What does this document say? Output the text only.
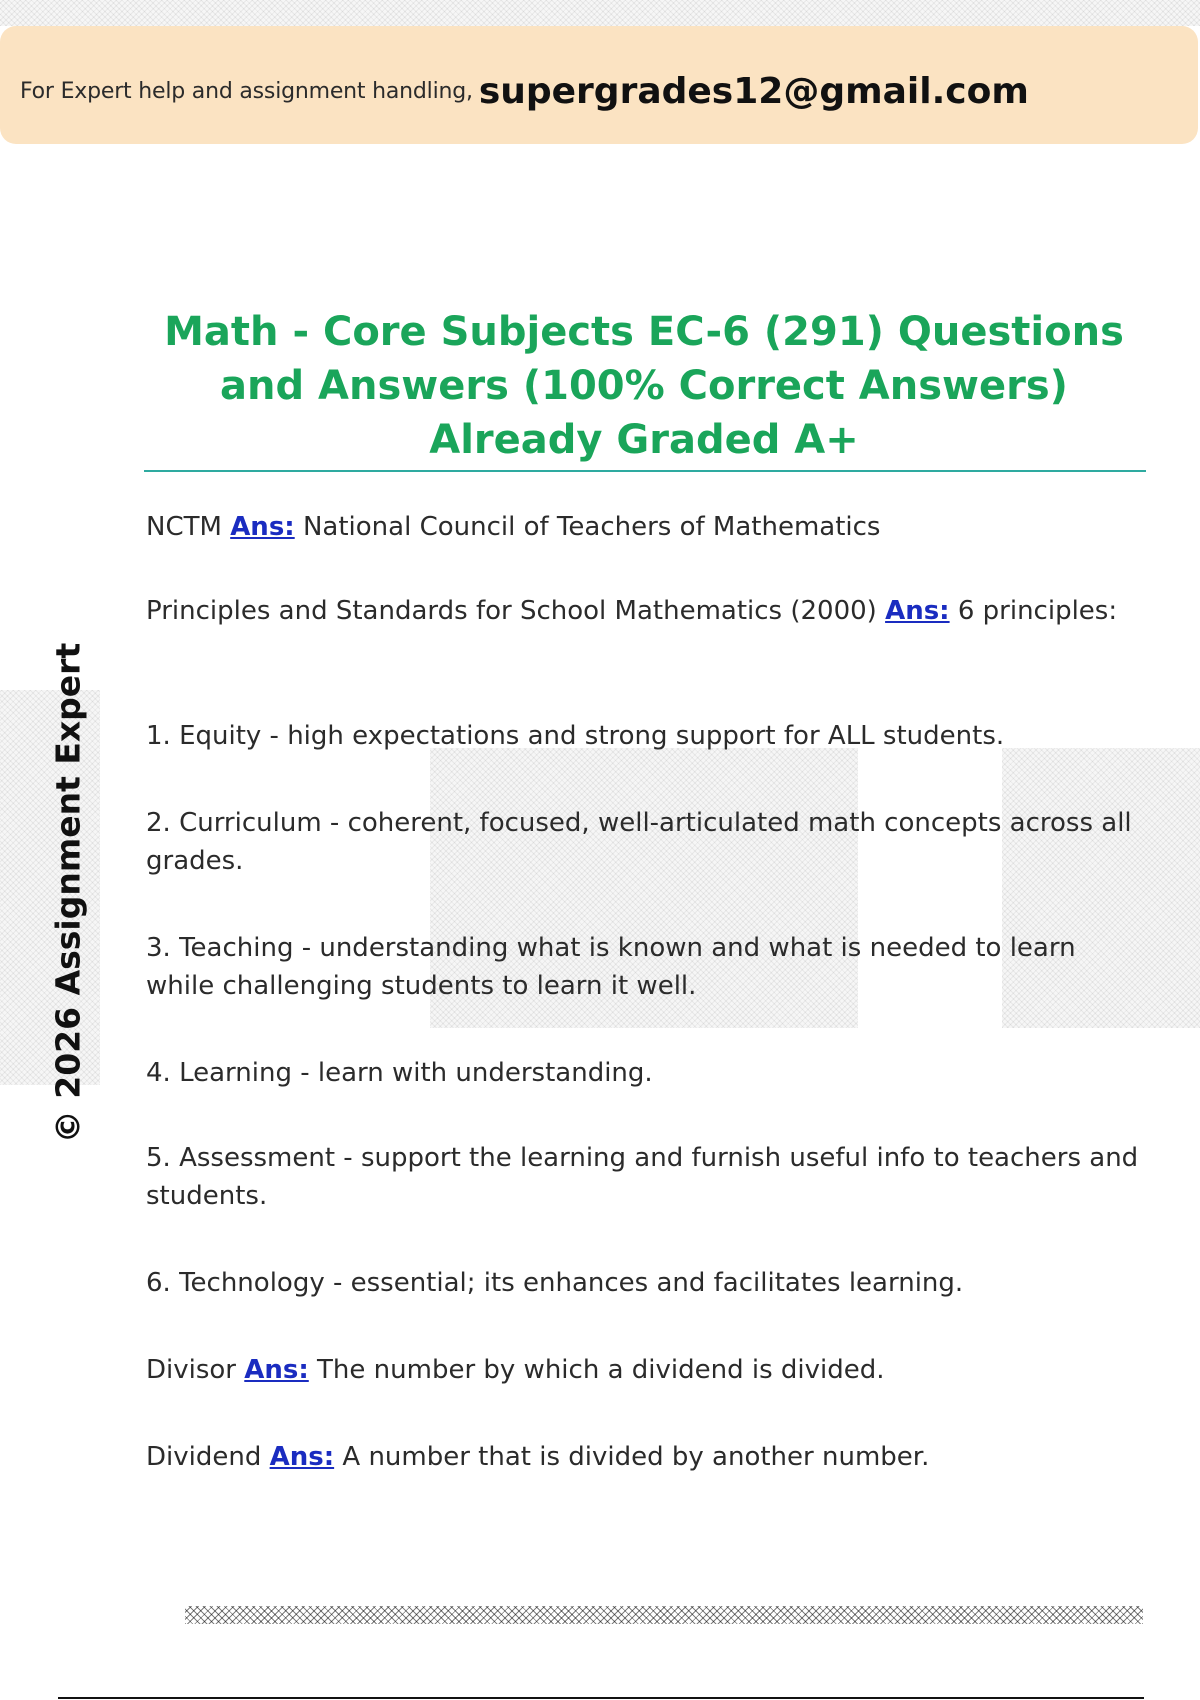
For Expert help and assignment handling, supergrades12@gmail.com
© 2026 Assignment Expert
Math - Core Subjects EC-6 (291) Questions and Answers (100% Correct Answers) Already Graded A+
NCTM Ans: National Council of Teachers of Mathematics
Principles and Standards for School Mathematics (2000) Ans: 6 principles:
1. Equity - high expectations and strong support for ALL students.
2. Curriculum - coherent, focused, well-articulated math concepts across all grades.
3. Teaching - understanding what is known and what is needed to learn while challenging students to learn it well.
4. Learning - learn with understanding.
5. Assessment - support the learning and furnish useful info to teachers and students.
6. Technology - essential; its enhances and facilitates learning.
Divisor Ans: The number by which a dividend is divided.
Dividend Ans: A number that is divided by another number.
